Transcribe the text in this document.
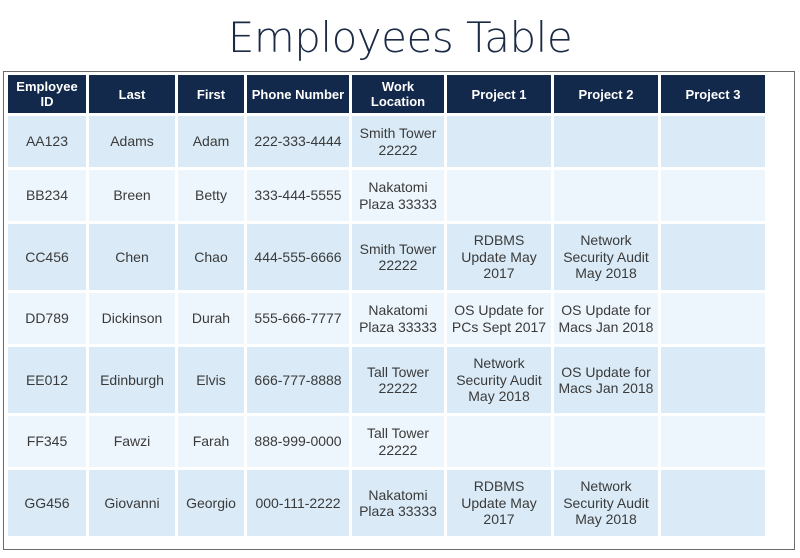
Employees Table
Employee ID	Last	First	Phone Number	Work Location	Project 1	Project 2	Project 3
AA123	Adams	Adam	222-333-4444	Smith Tower 22222			
BB234	Breen	Betty	333-444-5555	Nakatomi Plaza 33333			
CC456	Chen	Chao	444-555-6666	Smith Tower 22222	RDBMS Update May 2017	Network Security Audit May 2018	
DD789	Dickinson	Durah	555-666-7777	Nakatomi Plaza 33333	OS Update for PCs Sept 2017	OS Update for Macs Jan 2018	
EE012	Edinburgh	Elvis	666-777-8888	Tall Tower 22222	Network Security Audit May 2018	OS Update for Macs Jan 2018	
FF345	Fawzi	Farah	888-999-0000	Tall Tower 22222			
GG456	Giovanni	Georgio	000-111-2222	Nakatomi Plaza 33333	RDBMS Update May 2017	Network Security Audit May 2018	
